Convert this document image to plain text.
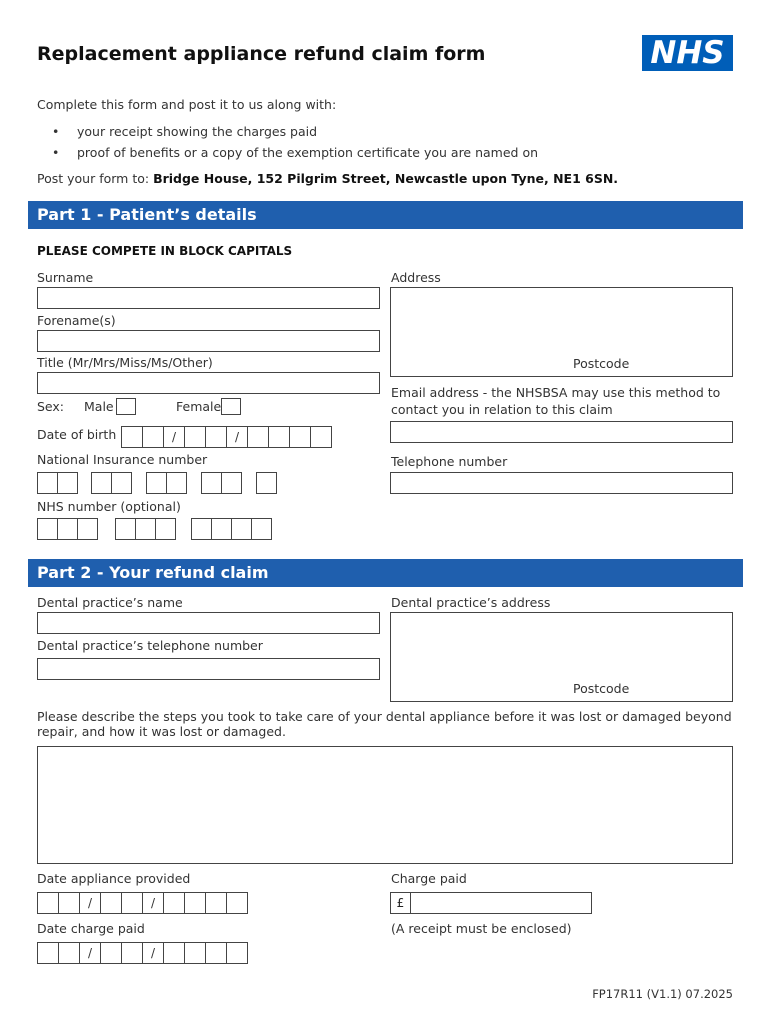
Replacement appliance refund claim form	NHS
Complete this form and post it to us along with:
• your receipt showing the charges paid
• proof of benefits or a copy of the exemption certificate you are named on
Post your form to: Bridge House, 152 Pilgrim Street, Newcastle upon Tyne, NE1 6SN.
Part 1 - Patient’s details
PLEASE COMPETE IN BLOCK CAPITALS
Surname
Forename(s)
Title (Mr/Mrs/Miss/Ms/Other)
Sex: Male	Female
Date of birth	/	/
National Insurance number
NHS number (optional)
Address
Postcode
Email address - the NHSBSA may use this method to
contact you in relation to this claim
Telephone number
Part 2 - Your refund claim
Dental practice’s name
Dental practice’s telephone number
Dental practice’s address
Postcode
Please describe the steps you took to take care of your dental appliance before it was lost or damaged beyond
repair, and how it was lost or damaged.
Date appliance provided
/	/
Date charge paid
/	/
Charge paid
£
(A receipt must be enclosed)
FP17R11 (V1.1) 07.2025
